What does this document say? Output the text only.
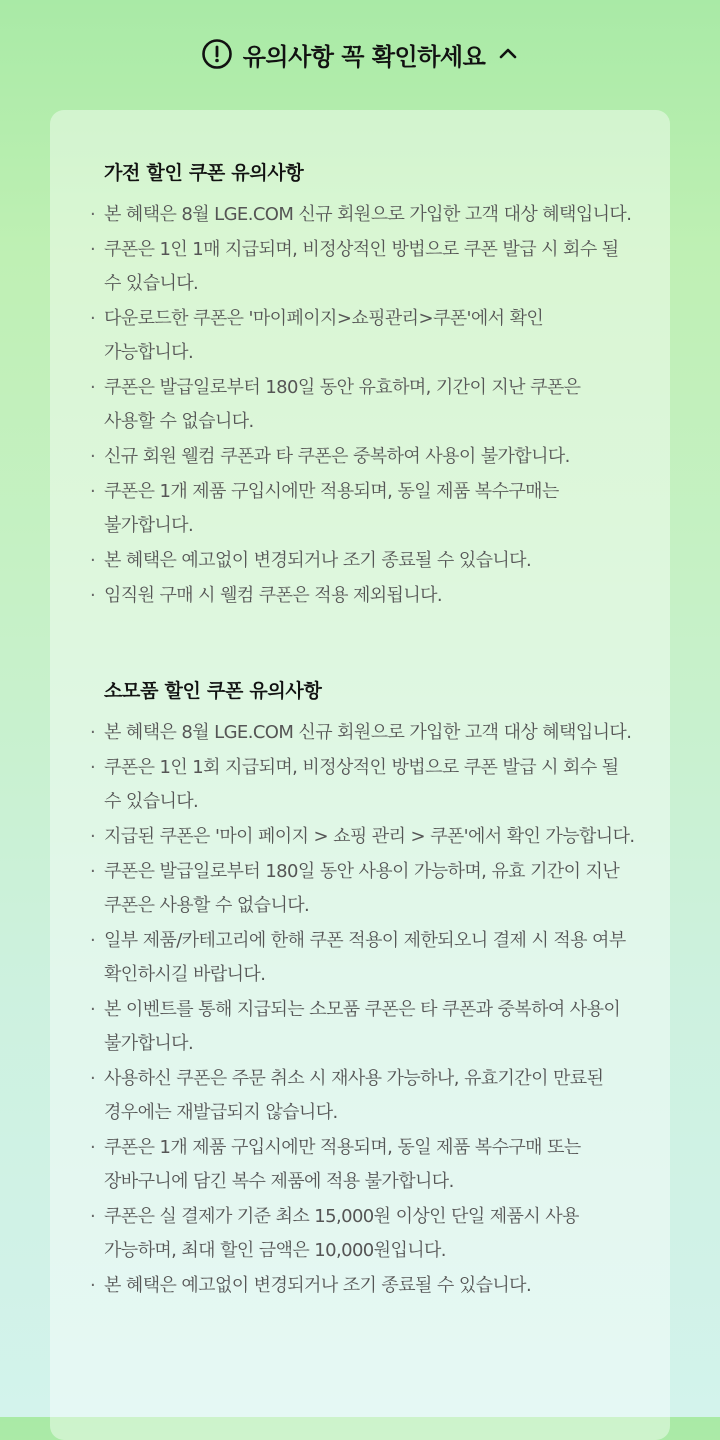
유의사항 꼭 확인하세요
가전 할인 쿠폰 유의사항
· 본 혜택은 8월 LGE.COM 신규 회원으로 가입한 고객 대상 혜택입니다.
· 쿠폰은 1인 1매 지급되며, 비정상적인 방법으로 쿠폰 발급 시 회수 될 수 있습니다.
· 다운로드한 쿠폰은 '마이페이지>쇼핑관리>쿠폰'에서 확인 가능합니다.
· 쿠폰은 발급일로부터 180일 동안 유효하며, 기간이 지난 쿠폰은 사용할 수 없습니다.
· 신규 회원 웰컴 쿠폰과 타 쿠폰은 중복하여 사용이 불가합니다.
· 쿠폰은 1개 제품 구입시에만 적용되며, 동일 제품 복수구매는 불가합니다.
· 본 혜택은 예고없이 변경되거나 조기 종료될 수 있습니다.
· 임직원 구매 시 웰컴 쿠폰은 적용 제외됩니다.
소모품 할인 쿠폰 유의사항
· 본 혜택은 8월 LGE.COM 신규 회원으로 가입한 고객 대상 혜택입니다.
· 쿠폰은 1인 1회 지급되며, 비정상적인 방법으로 쿠폰 발급 시 회수 될 수 있습니다.
· 지급된 쿠폰은 '마이 페이지 > 쇼핑 관리 > 쿠폰'에서 확인 가능합니다.
· 쿠폰은 발급일로부터 180일 동안 사용이 가능하며, 유효 기간이 지난 쿠폰은 사용할 수 없습니다.
· 일부 제품/카테고리에 한해 쿠폰 적용이 제한되오니 결제 시 적용 여부 확인하시길 바랍니다.
· 본 이벤트를 통해 지급되는 소모품 쿠폰은 타 쿠폰과 중복하여 사용이 불가합니다.
· 사용하신 쿠폰은 주문 취소 시 재사용 가능하나, 유효기간이 만료된 경우에는 재발급되지 않습니다.
· 쿠폰은 1개 제품 구입시에만 적용되며, 동일 제품 복수구매 또는 장바구니에 담긴 복수 제품에 적용 불가합니다.
· 쿠폰은 실 결제가 기준 최소 15,000원 이상인 단일 제품시 사용 가능하며, 최대 할인 금액은 10,000원입니다.
· 본 혜택은 예고없이 변경되거나 조기 종료될 수 있습니다.
